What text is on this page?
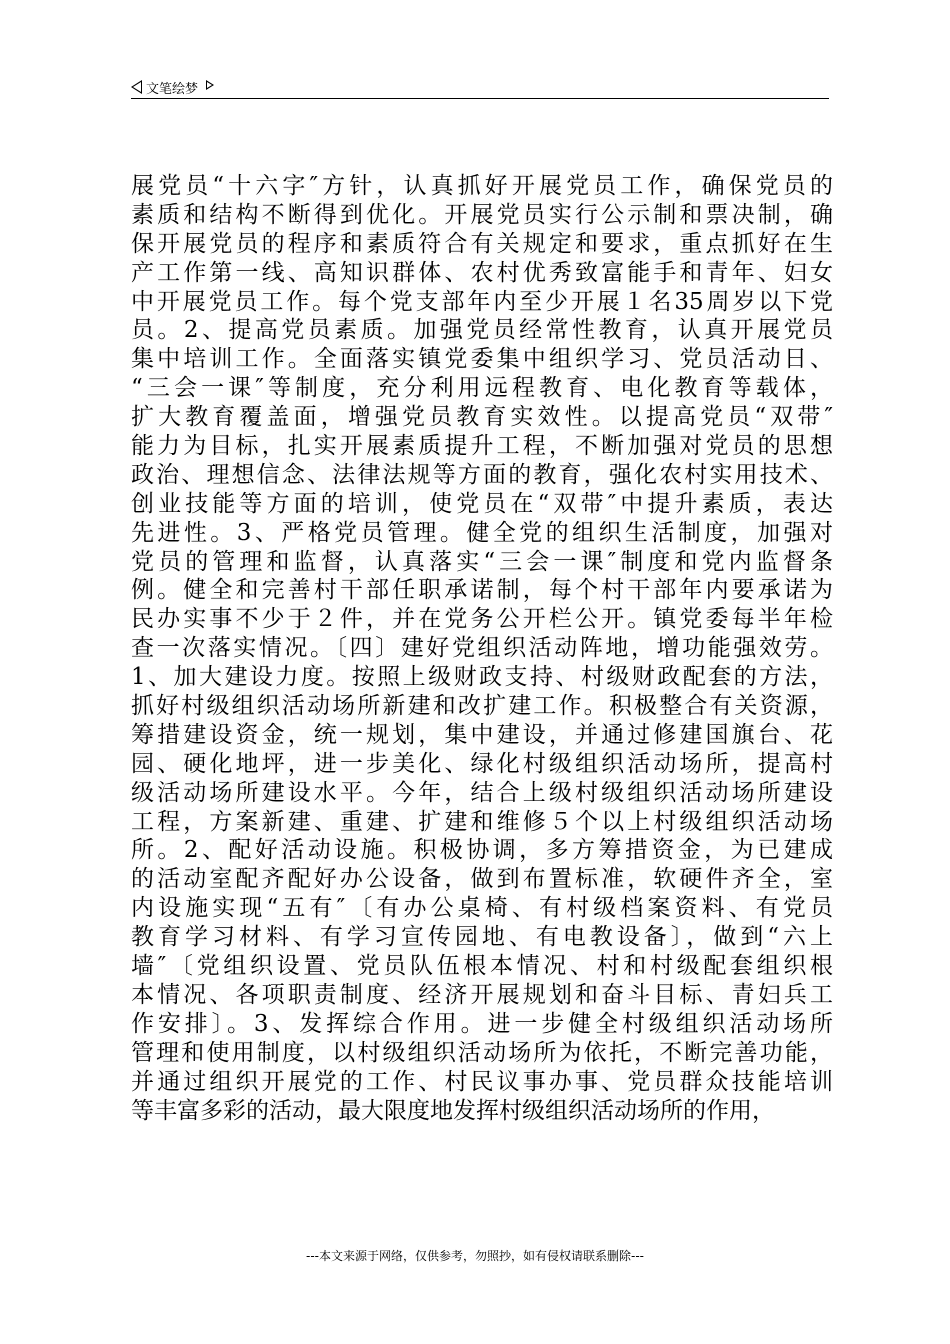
文笔绘梦
展党员“十六字″方针，认真抓好开展党员工作，确保党员的
素质和结构不断得到优化。开展党员实行公示制和票决制，确
保开展党员的程序和素质符合有关规定和要求，重点抓好在生
产工作第一线、高知识群体、农村优秀致富能手和青年、妇女
中开展党员工作。每个党支部年内至少开展１名35周岁以下党
员。2、提高党员素质。加强党员经常性教育，认真开展党员
集中培训工作。全面落实镇党委集中组织学习、党员活动日、
“三会一课″等制度，充分利用远程教育、电化教育等载体，
扩大教育覆盖面，增强党员教育实效性。以提高党员“双带″
能力为目标，扎实开展素质提升工程，不断加强对党员的思想
政治、理想信念、法律法规等方面的教育，强化农村实用技术、
创业技能等方面的培训，使党员在“双带″中提升素质，表达
先进性。3、严格党员管理。健全党的组织生活制度，加强对
党员的管理和监督，认真落实“三会一课″制度和党内监督条
例。健全和完善村干部任职承诺制，每个村干部年内要承诺为
民办实事不少于２件，并在党务公开栏公开。镇党委每半年检
查一次落实情况。〔四〕建好党组织活动阵地，增功能强效劳。
1、加大建设力度。按照上级财政支持、村级财政配套的方法，
抓好村级组织活动场所新建和改扩建工作。积极整合有关资源，
筹措建设资金，统一规划，集中建设，并通过修建国旗台、花
园、硬化地坪，进一步美化、绿化村级组织活动场所，提高村
级活动场所建设水平。今年，结合上级村级组织活动场所建设
工程，方案新建、重建、扩建和维修５个以上村级组织活动场
所。2、配好活动设施。积极协调，多方筹措资金，为已建成
的活动室配齐配好办公设备，做到布置标准，软硬件齐全，室
内设施实现“五有″〔有办公桌椅、有村级档案资料、有党员
教育学习材料、有学习宣传园地、有电教设备〕，做到“六上
墙″〔党组织设置、党员队伍根本情况、村和村级配套组织根
本情况、各项职责制度、经济开展规划和奋斗目标、青妇兵工
作安排〕。3、发挥综合作用。进一步健全村级组织活动场所
管理和使用制度，以村级组织活动场所为依托，不断完善功能，
并通过组织开展党的工作、村民议事办事、党员群众技能培训
等丰富多彩的活动，最大限度地发挥村级组织活动场所的作用，
---本文来源于网络，仅供参考，勿照抄，如有侵权请联系删除---
